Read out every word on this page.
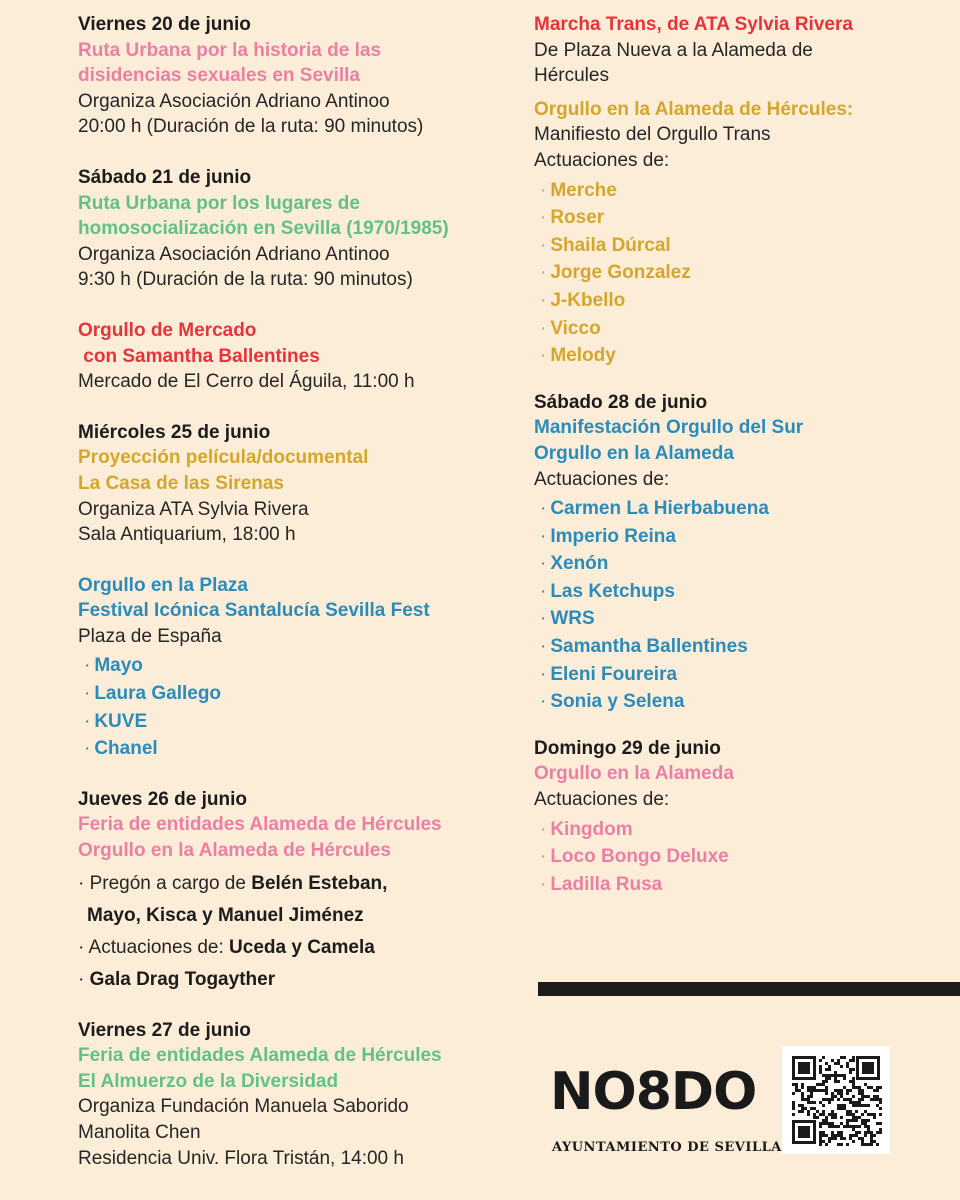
Viernes 20 de junio
Ruta Urbana por la historia de las
disidencias sexuales en Sevilla
Organiza Asociación Adriano Antinoo
20:00 h (Duración de la ruta: 90 minutos)
Sábado 21 de junio
Ruta Urbana por los lugares de
homosocialización en Sevilla (1970/1985)
Organiza Asociación Adriano Antinoo
9:30 h (Duración de la ruta: 90 minutos)
Orgullo de Mercado
con Samantha Ballentines
Mercado de El Cerro del Águila, 11:00 h
Miércoles 25 de junio
Proyección película/documental
La Casa de las Sirenas
Organiza ATA Sylvia Rivera
Sala Antiquarium, 18:00 h
Orgullo en la Plaza
Festival Icónica Santalucía Sevilla Fest
Plaza de España
· Mayo
· Laura Gallego
· KUVE
· Chanel
Jueves 26 de junio
Feria de entidades Alameda de Hércules
Orgullo en la Alameda de Hércules
· Pregón a cargo de Belén Esteban,
Mayo, Kisca y Manuel Jiménez
· Actuaciones de: Uceda y Camela
· Gala Drag Togayther
Viernes 27 de junio
Feria de entidades Alameda de Hércules
El Almuerzo de la Diversidad
Organiza Fundación Manuela Saborido
Manolita Chen
Residencia Univ. Flora Tristán, 14:00 h
Marcha Trans, de ATA Sylvia Rivera
De Plaza Nueva a la Alameda de
Hércules
Orgullo en la Alameda de Hércules:
Manifiesto del Orgullo Trans
Actuaciones de:
· Merche
· Roser
· Shaila Dúrcal
· Jorge Gonzalez
· J-Kbello
· Vicco
· Melody
Sábado 28 de junio
Manifestación Orgullo del Sur
Orgullo en la Alameda
Actuaciones de:
· Carmen La Hierbabuena
· Imperio Reina
· Xenón
· Las Ketchups
· WRS
· Samantha Ballentines
· Eleni Foureira
· Sonia y Selena
Domingo 29 de junio
Orgullo en la Alameda
Actuaciones de:
· Kingdom
· Loco Bongo Deluxe
· Ladilla Rusa
NO8DO
AYUNTAMIENTO DE SEVILLA
